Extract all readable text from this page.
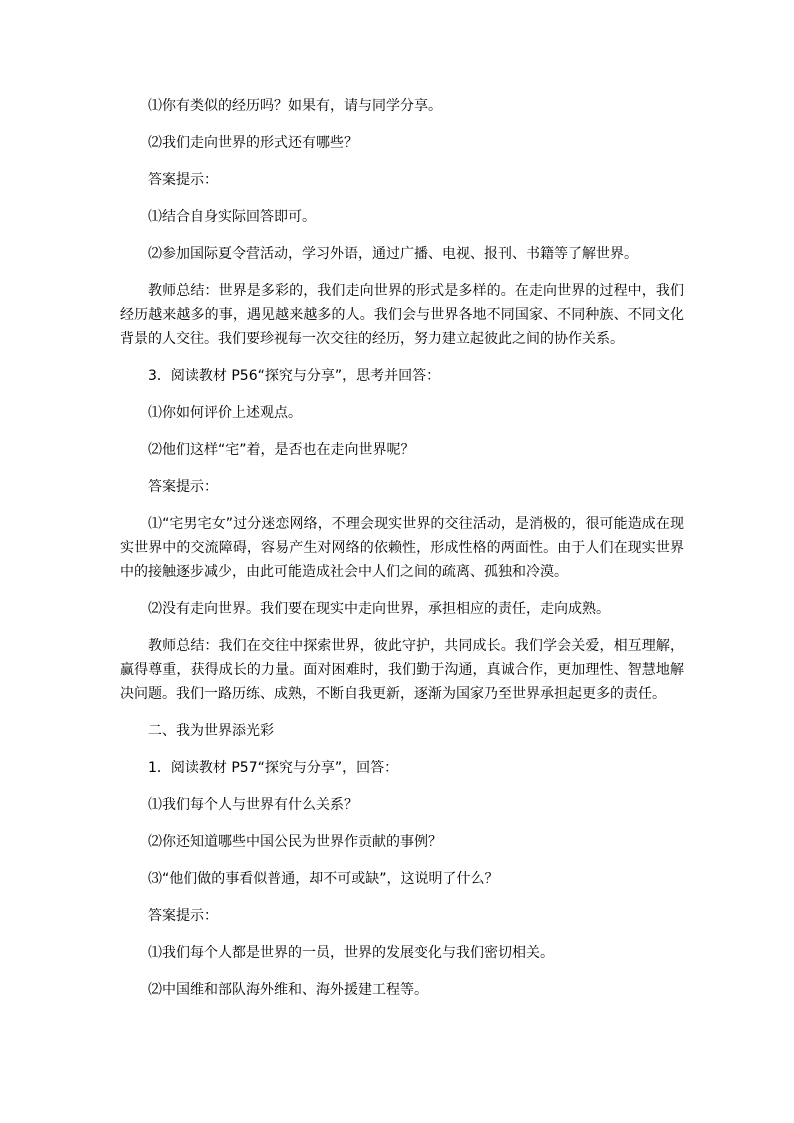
⑴你有类似的经历吗？如果有，请与同学分享。

⑵我们走向世界的形式还有哪些？

答案提示：

⑴结合自身实际回答即可。

⑵参加国际夏令营活动，学习外语，通过广播、电视、报刊、书籍等了解世界。

教师总结：世界是多彩的，我们走向世界的形式是多样的。在走向世界的过程中，我们经历越来越多的事，遇见越来越多的人。我们会与世界各地不同国家、不同种族、不同文化背景的人交往。我们要珍视每一次交往的经历，努力建立起彼此之间的协作关系。

3．阅读教材 P56“探究与分享”，思考并回答：

⑴你如何评价上述观点。

⑵他们这样“宅”着，是否也在走向世界呢？

答案提示：

⑴“宅男宅女”过分迷恋网络，不理会现实世界的交往活动，是消极的，很可能造成在现实世界中的交流障碍，容易产生对网络的依赖性，形成性格的两面性。由于人们在现实世界中的接触逐步减少，由此可能造成社会中人们之间的疏离、孤独和冷漠。

⑵没有走向世界。我们要在现实中走向世界，承担相应的责任，走向成熟。

教师总结：我们在交往中探索世界，彼此守护，共同成长。我们学会关爱，相互理解，赢得尊重，获得成长的力量。面对困难时，我们勤于沟通，真诚合作，更加理性、智慧地解决问题。我们一路历练、成熟，不断自我更新，逐渐为国家乃至世界承担起更多的责任。

二、我为世界添光彩

1．阅读教材 P57“探究与分享”，回答：

⑴我们每个人与世界有什么关系？

⑵你还知道哪些中国公民为世界作贡献的事例？

⑶“他们做的事看似普通，却不可或缺”，这说明了什么？

答案提示：

⑴我们每个人都是世界的一员，世界的发展变化与我们密切相关。

⑵中国维和部队海外维和、海外援建工程等。
